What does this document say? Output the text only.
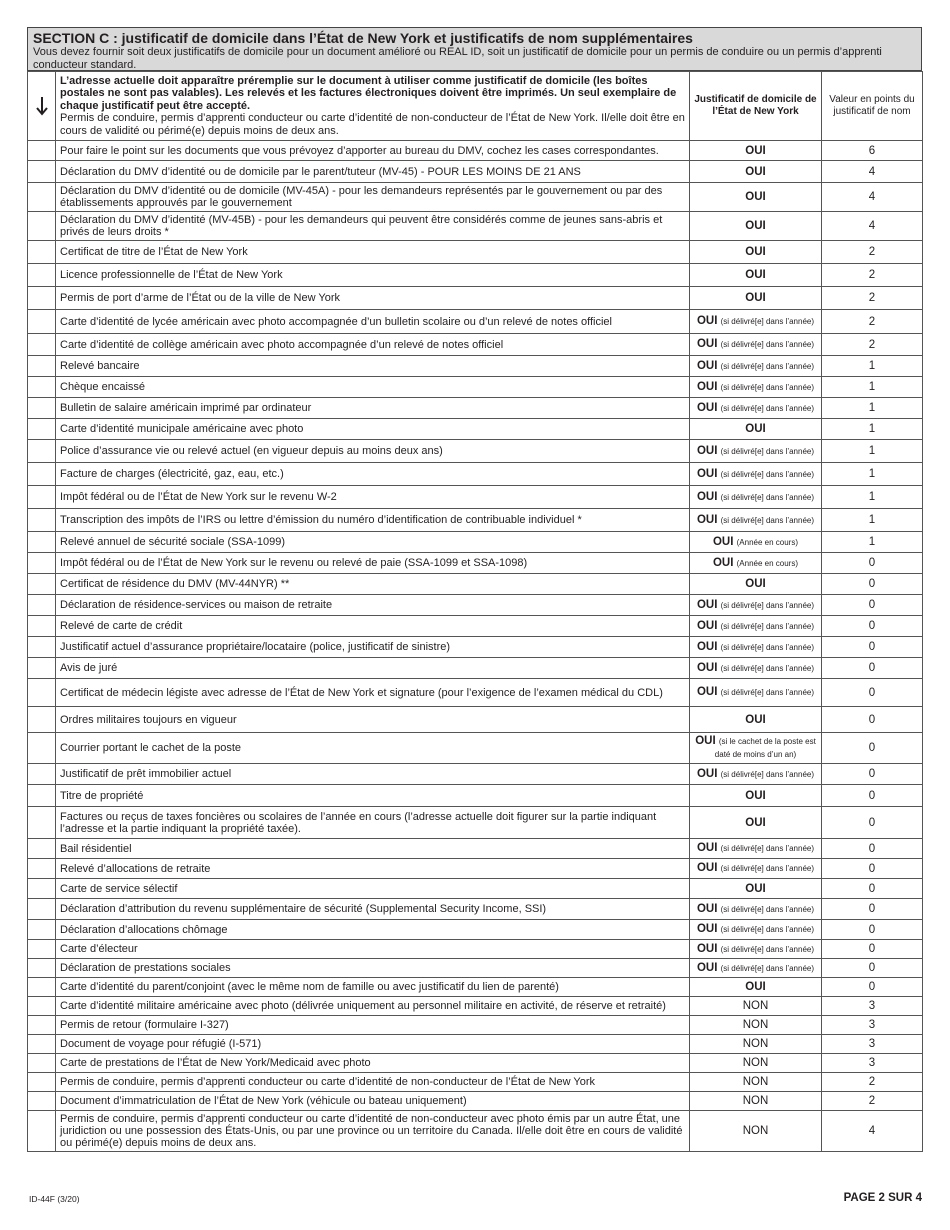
SECTION C : justificatif de domicile dans l’État de New York et justificatifs de nom supplémentaires

Vous devez fournir soit deux justificatifs de domicile pour un document amélioré ou REAL ID, soit un justificatif de domicile pour un permis de conduire ou un permis d’apprenti conducteur standard.

	L’adresse actuelle doit apparaître préremplie sur le document à utiliser comme justificatif de domicile (les boîtes postales ne sont pas valables). Les relevés et les factures électroniques doivent être imprimés. Un seul exemplaire de chaque justificatif peut être accepté.
Permis de conduire, permis d’apprenti conducteur ou carte d’identité de non-conducteur de l’État de New York. Il/elle doit être en cours de validité ou périmé(e) depuis moins de deux ans.	Justificatif de domicile de l’État de New York	Valeur en points du justificatif de nom
	Pour faire le point sur les documents que vous prévoyez d’apporter au bureau du DMV, cochez les cases correspondantes.	OUI	6
	Déclaration du DMV d’identité ou de domicile par le parent/tuteur (MV-45) - POUR LES MOINS DE 21 ANS	OUI	4
	Déclaration du DMV d’identité ou de domicile (MV-45A) - pour les demandeurs représentés par le gouvernement ou par des établissements approuvés par le gouvernement	OUI	4
	Déclaration du DMV d’identité (MV-45B) - pour les demandeurs qui peuvent être considérés comme de jeunes sans-abris et privés de leurs droits *	OUI	4
	Certificat de titre de l’État de New York	OUI	2
	Licence professionnelle de l’État de New York	OUI	2
	Permis de port d’arme de l’État ou de la ville de New York	OUI	2
	Carte d’identité de lycée américain avec photo accompagnée d’un bulletin scolaire ou d’un relevé de notes officiel	OUI (si délivré[e] dans l’année)	2
	Carte d’identité de collège américain avec photo accompagnée d’un relevé de notes officiel	OUI (si délivré[e] dans l’année)	2
	Relevé bancaire	OUI (si délivré[e] dans l’année)	1
	Chèque encaissé	OUI (si délivré[e] dans l’année)	1
	Bulletin de salaire américain imprimé par ordinateur	OUI (si délivré[e] dans l’année)	1
	Carte d’identité municipale américaine avec photo	OUI	1
	Police d’assurance vie ou relevé actuel (en vigueur depuis au moins deux ans)	OUI (si délivré[e] dans l’année)	1
	Facture de charges (électricité, gaz, eau, etc.)	OUI (si délivré[e] dans l’année)	1
	Impôt fédéral ou de l’État de New York sur le revenu W-2	OUI (si délivré[e] dans l’année)	1
	Transcription des impôts de l’IRS ou lettre d’émission du numéro d’identification de contribuable individuel *	OUI (si délivré[e] dans l’année)	1
	Relevé annuel de sécurité sociale (SSA-1099)	OUI (Année en cours)	1
	Impôt fédéral ou de l’État de New York sur le revenu ou relevé de paie (SSA-1099 et SSA-1098)	OUI (Année en cours)	0
	Certificat de résidence du DMV (MV-44NYR) **	OUI	0
	Déclaration de résidence-services ou maison de retraite	OUI (si délivré[e] dans l’année)	0
	Relevé de carte de crédit	OUI (si délivré[e] dans l’année)	0
	Justificatif actuel d’assurance propriétaire/locataire (police, justificatif de sinistre)	OUI (si délivré[e] dans l’année)	0
	Avis de juré	OUI (si délivré[e] dans l’année)	0
	Certificat de médecin légiste avec adresse de l’État de New York et signature (pour l’exigence de l’examen médical du CDL)	OUI (si délivré[e] dans l’année)	0
	Ordres militaires toujours en vigueur	OUI	0
	Courrier portant le cachet de la poste	OUI (si le cachet de la poste est daté de moins d’un an)	0
	Justificatif de prêt immobilier actuel	OUI (si délivré[e] dans l’année)	0
	Titre de propriété	OUI	0
	Factures ou reçus de taxes foncières ou scolaires de l’année en cours (l’adresse actuelle doit figurer sur la partie indiquant l’adresse et la partie indiquant la propriété taxée).	OUI	0
	Bail résidentiel	OUI (si délivré[e] dans l’année)	0
	Relevé d’allocations de retraite	OUI (si délivré[e] dans l’année)	0
	Carte de service sélectif	OUI	0
	Déclaration d’attribution du revenu supplémentaire de sécurité (Supplemental Security Income, SSI)	OUI (si délivré[e] dans l’année)	0
	Déclaration d’allocations chômage	OUI (si délivré[e] dans l’année)	0
	Carte d’électeur	OUI (si délivré[e] dans l’année)	0
	Déclaration de prestations sociales	OUI (si délivré[e] dans l’année)	0
	Carte d’identité du parent/conjoint (avec le même nom de famille ou avec justificatif du lien de parenté)	OUI	0
	Carte d’identité militaire américaine avec photo (délivrée uniquement au personnel militaire en activité, de réserve et retraité)	NON	3
	Permis de retour (formulaire I-327)	NON	3
	Document de voyage pour réfugié (I-571)	NON	3
	Carte de prestations de l’État de New York/Medicaid avec photo	NON	3
	Permis de conduire, permis d’apprenti conducteur ou carte d’identité de non-conducteur de l’État de New York	NON	2
	Document d’immatriculation de l’État de New York (véhicule ou bateau uniquement)	NON	2
	Permis de conduire, permis d’apprenti conducteur ou carte d’identité de non-conducteur avec photo émis par un autre État, une juridiction ou une possession des États-Unis, ou par une province ou un territoire du Canada. Il/elle doit être en cours de validité ou périmé(e) depuis moins de deux ans.	NON	4
ID-44F (3/20)	PAGE 2 SUR 4
